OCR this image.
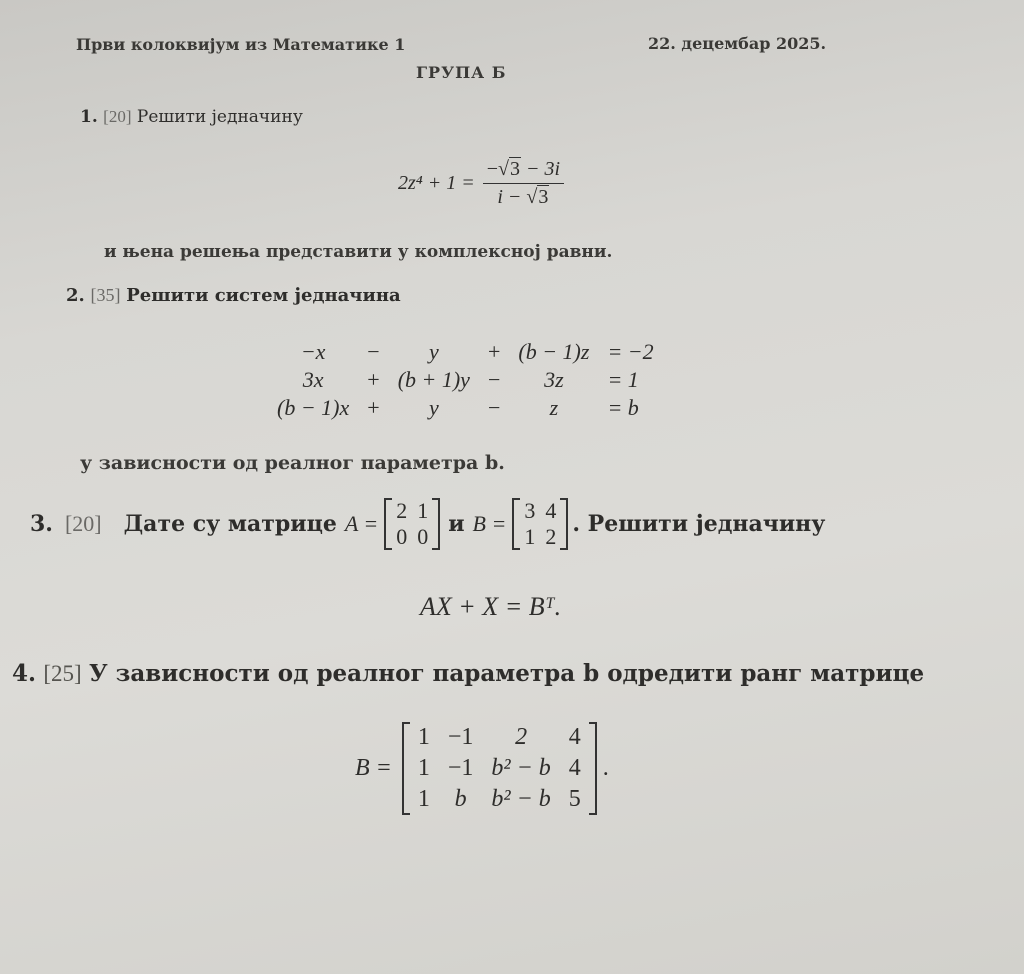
Први колоквијум из Математике 1	22. децембар 2025.
ГРУПА Б
1. [20] Решити једначину
$2z^4 + 1 = \frac{-√3 - 3i}{i - √3}$
и њена решења представити у комплексној равни.
2. [35] Решити систем једначина
−x	−	y	+	(b − 1)z	= −2
3x	+	(b + 1)y	−	3z	= 1
(b − 1)x	+	y	−	z	= b
у зависности од реалног параметра b.
3. [20] Дате су матрице A =
2	1
0	0 и B =
3	4
1	2 . Решити једначину
AX + X = Bᵀ.
4. [25] У зависности од реалног параметра b одредити ранг матрице
B =
1	−1	2	4
1	−1	b² − b	4
1	b	b² − b	5
.
